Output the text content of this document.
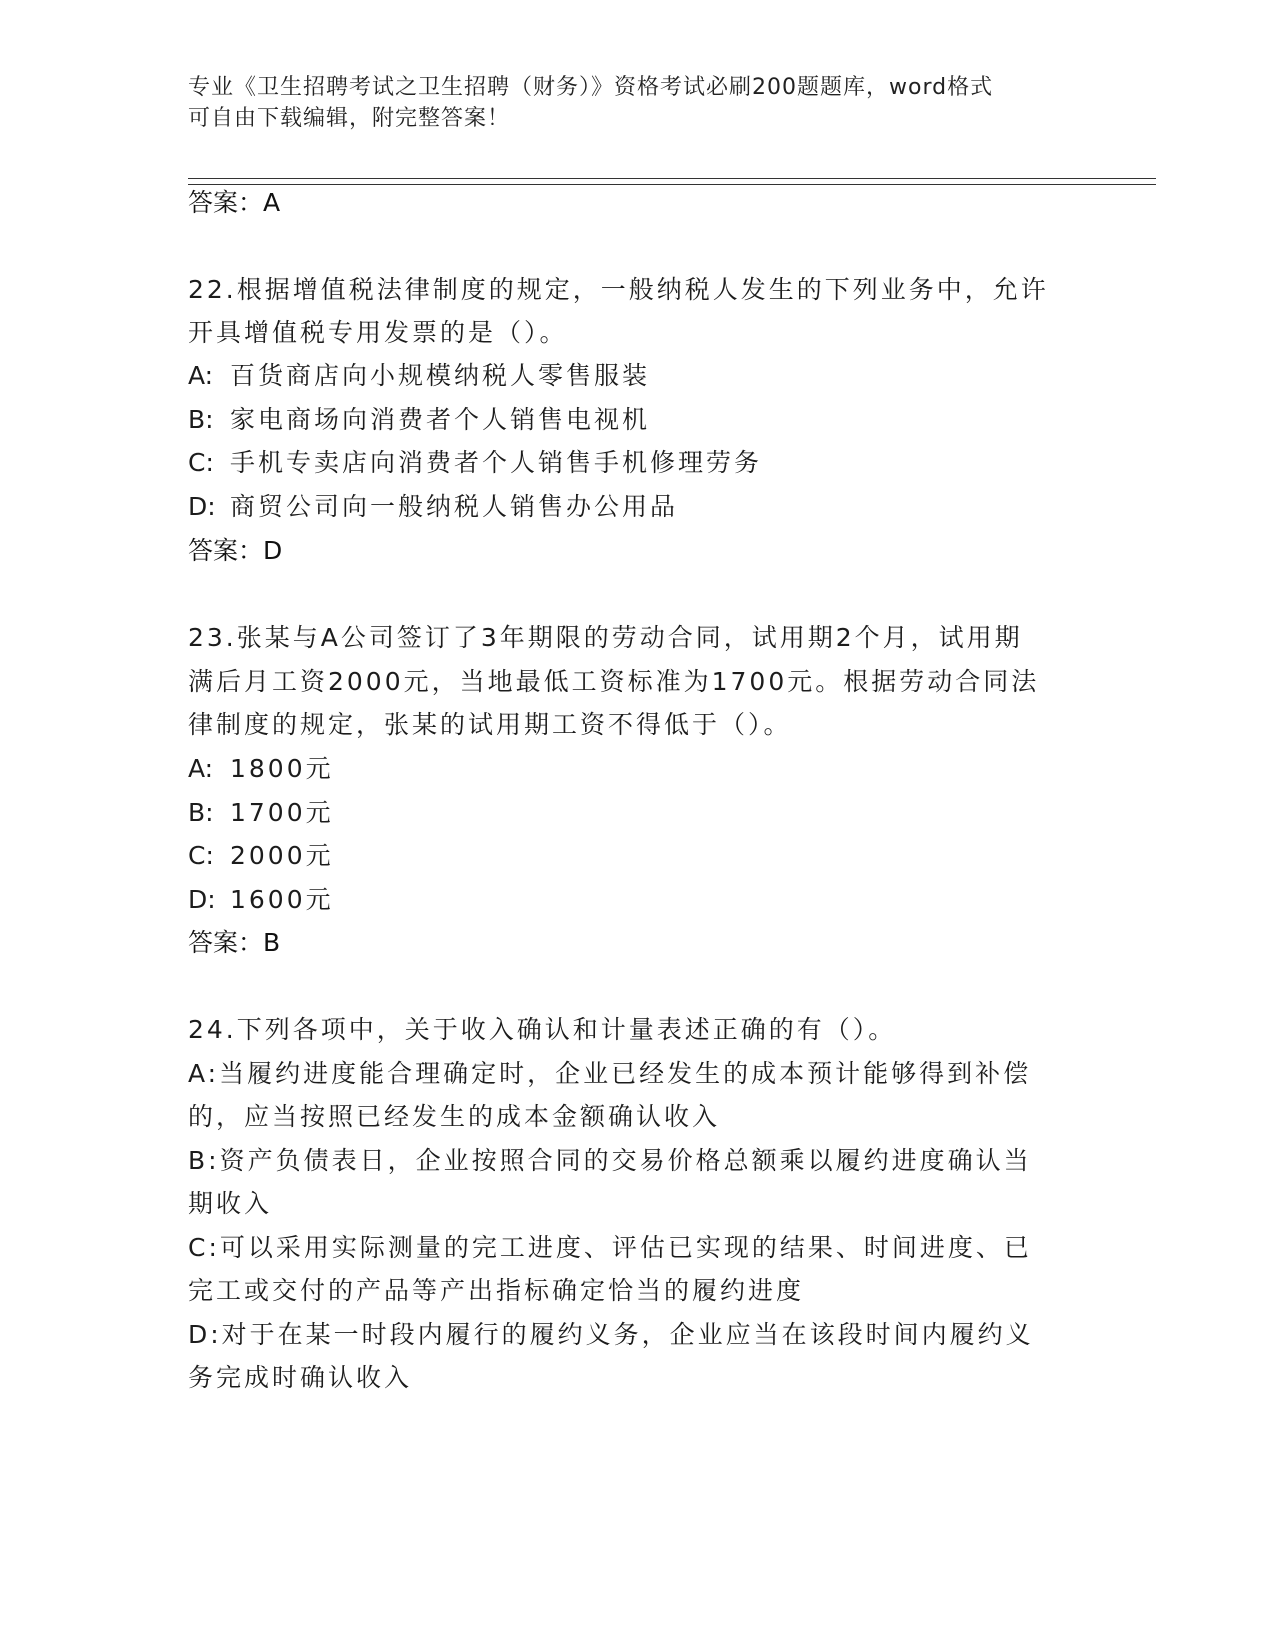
专业《卫生招聘考试之卫生招聘（财务）》资格考试必刷200题题库，word格式
可自由下载编辑，附完整答案！
答案：A
22.根据增值税法律制度的规定，一般纳税人发生的下列业务中，允许
开具增值税专用发票的是（）。
A: 百货商店向小规模纳税人零售服装
B: 家电商场向消费者个人销售电视机
C: 手机专卖店向消费者个人销售手机修理劳务
D: 商贸公司向一般纳税人销售办公用品
答案：D
23.张某与A公司签订了3年期限的劳动合同，试用期2个月，试用期
满后月工资2000元，当地最低工资标准为1700元。根据劳动合同法
律制度的规定，张某的试用期工资不得低于（）。
A: 1800元
B: 1700元
C: 2000元
D: 1600元
答案：B
24.下列各项中，关于收入确认和计量表述正确的有（）。
A:当履约进度能合理确定时，企业已经发生的成本预计能够得到补偿
的，应当按照已经发生的成本金额确认收入
B:资产负债表日，企业按照合同的交易价格总额乘以履约进度确认当
期收入
C:可以采用实际测量的完工进度、评估已实现的结果、时间进度、已
完工或交付的产品等产出指标确定恰当的履约进度
D:对于在某一时段内履行的履约义务，企业应当在该段时间内履约义
务完成时确认收入
